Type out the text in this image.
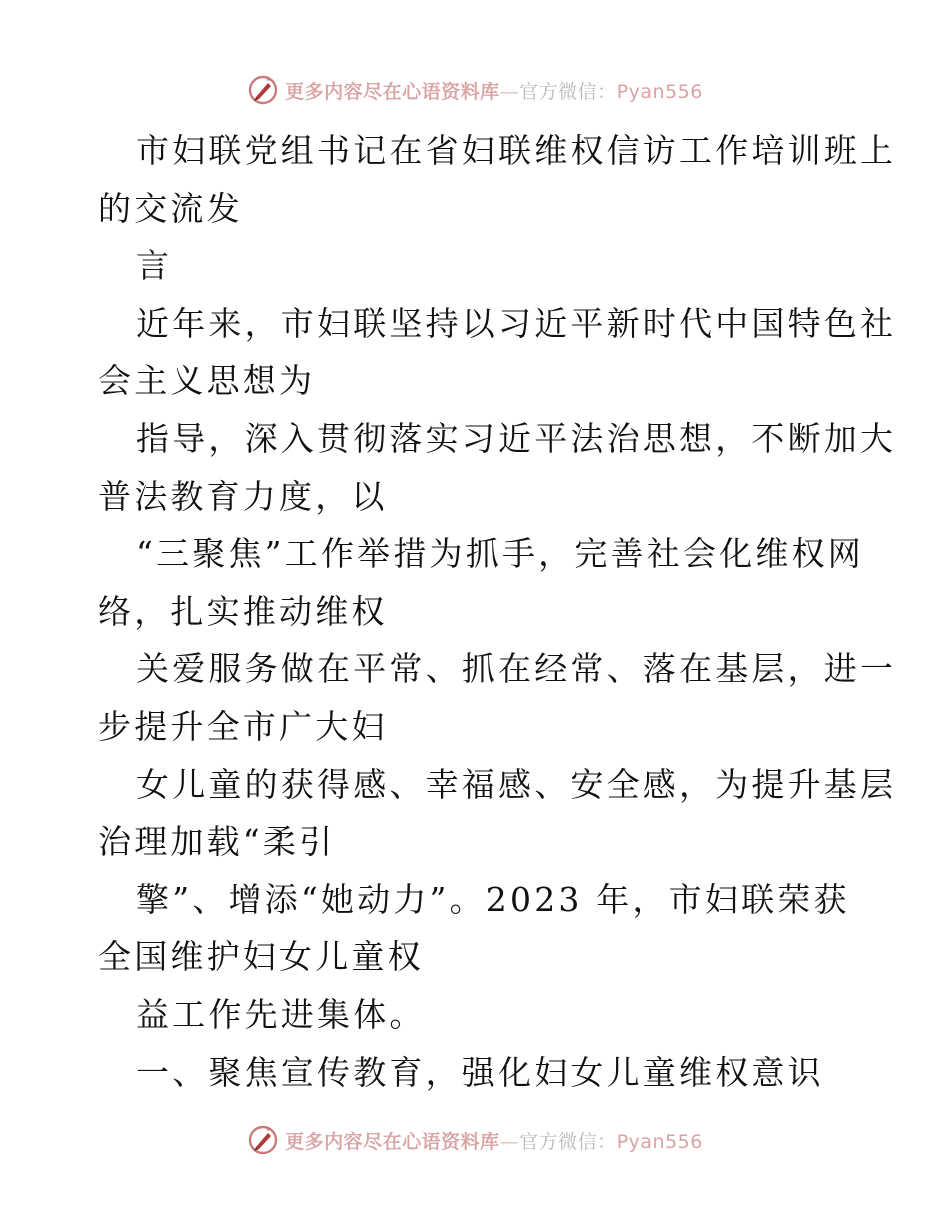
更多内容尽在心语资料库—官方微信：Pyan556
市妇联党组书记在省妇联维权信访工作培训班上
的交流发
言
近年来，市妇联坚持以习近平新时代中国特色社
会主义思想为
指导，深入贯彻落实习近平法治思想，不断加大
普法教育力度，以
“三聚焦”工作举措为抓手，完善社会化维权网
络，扎实推动维权
关爱服务做在平常、抓在经常、落在基层，进一
步提升全市广大妇
女儿童的获得感、幸福感、安全感，为提升基层
治理加载“柔引
擎”、增添“她动力”。2023 年，市妇联荣获
全国维护妇女儿童权
益工作先进集体。
一、聚焦宣传教育，强化妇女儿童维权意识
更多内容尽在心语资料库—官方微信：Pyan556
